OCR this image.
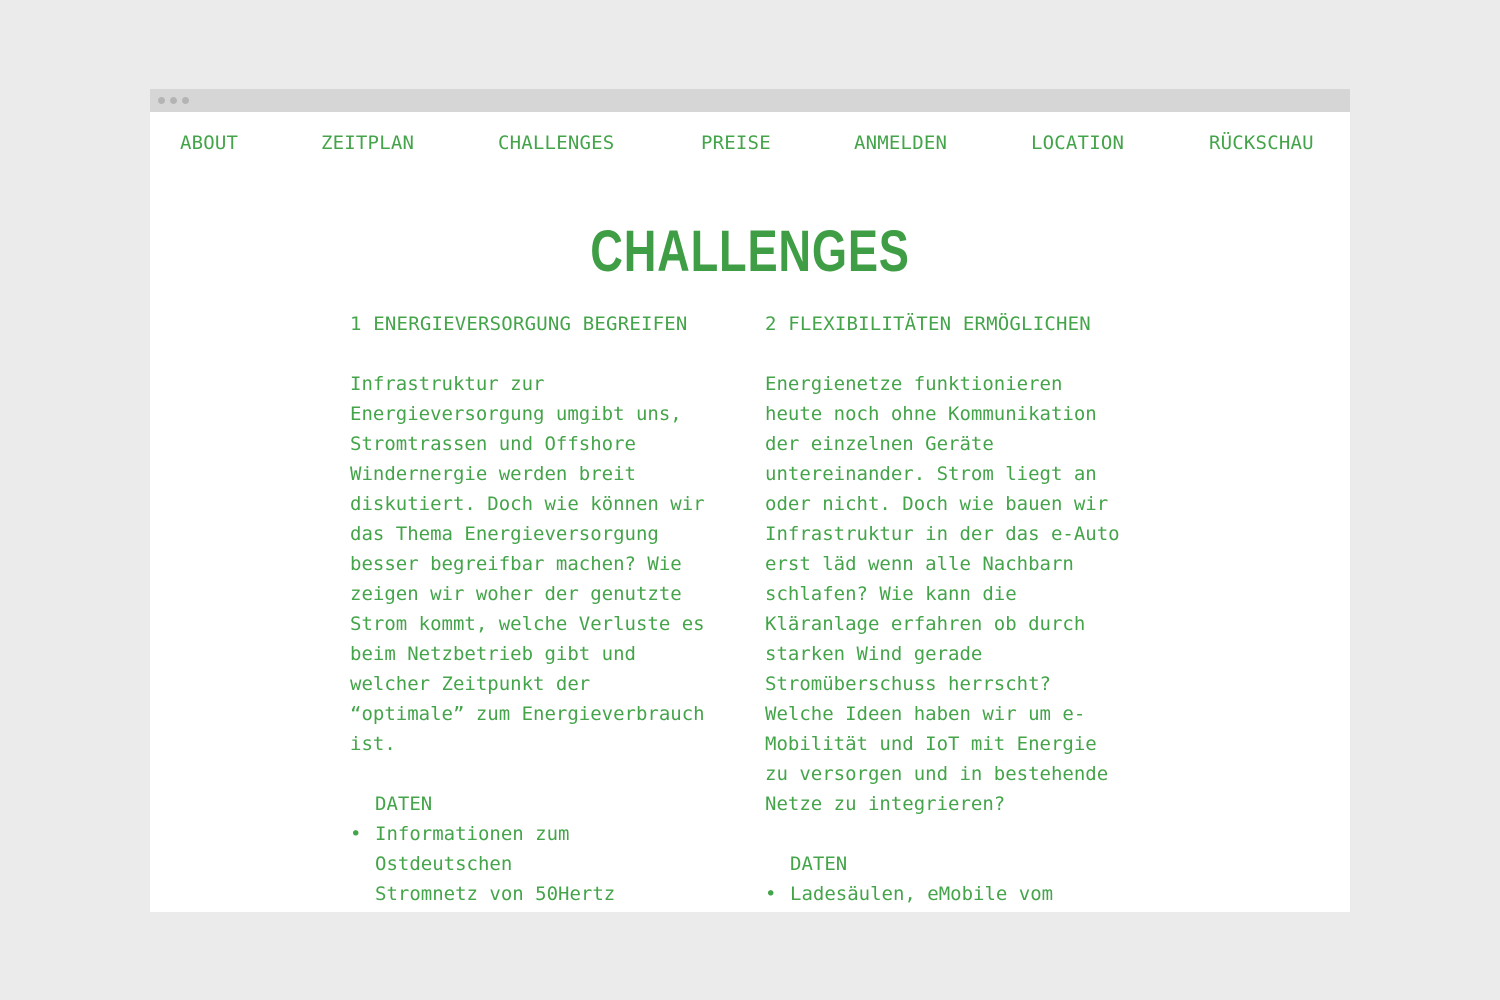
ABOUT	ZEITPLAN	CHALLENGES	PREISE	ANMELDEN	LOCATION	RÜCKSCHAU
CHALLENGES
1 ENERGIEVERSORGUNG BEGREIFEN

Infrastruktur zur
Energieversorgung umgibt uns,
Stromtrassen und Offshore
Windernergie werden breit
diskutiert. Doch wie können wir
das Thema Energieversorgung
besser begreifbar machen? Wie
zeigen wir woher der genutzte
Strom kommt, welche Verluste es
beim Netzbetrieb gibt und
welcher Zeitpunkt der
“optimale” zum Energieverbrauch
ist.

DATEN
• Informationen zum
Ostdeutschen
Stromnetz von 50Hertz
2 FLEXIBILITÄTEN ERMÖGLICHEN

Energienetze funktionieren
heute noch ohne Kommunikation
der einzelnen Geräte
untereinander. Strom liegt an
oder nicht. Doch wie bauen wir
Infrastruktur in der das e-Auto
erst läd wenn alle Nachbarn
schlafen? Wie kann die
Kläranlage erfahren ob durch
starken Wind gerade
Stromüberschuss herrscht?
Welche Ideen haben wir um e-
Mobilität und IoT mit Energie
zu versorgen und in bestehende
Netze zu integrieren?

DATEN
• Ladesäulen, eMobile vom
